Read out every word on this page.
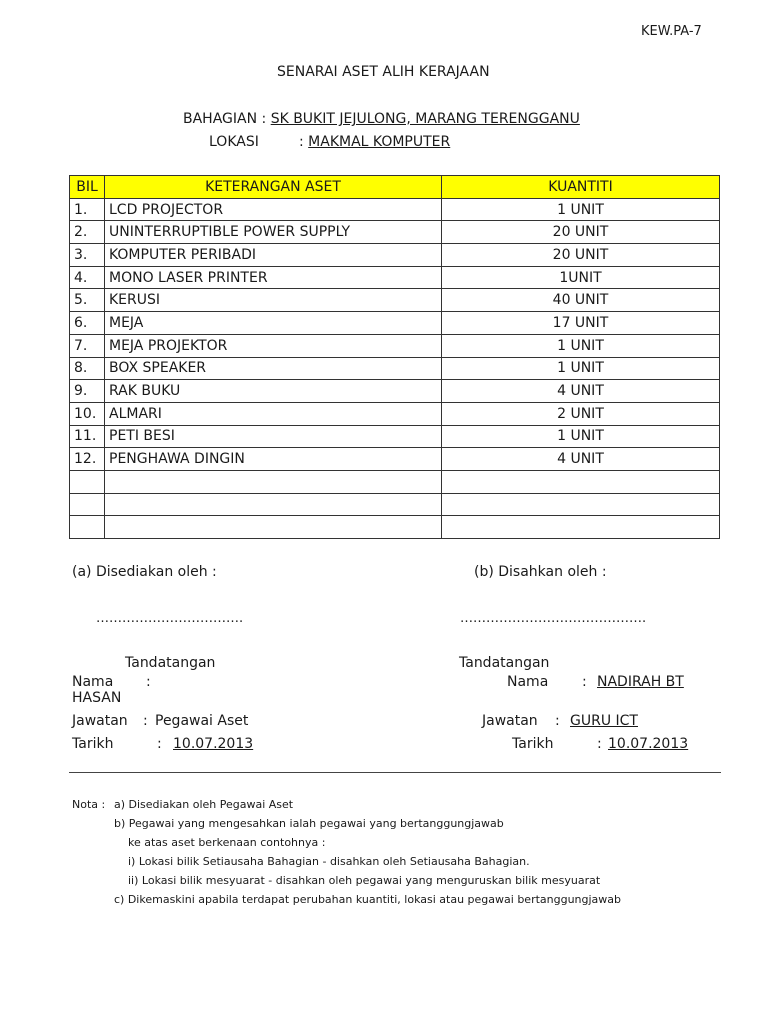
KEW.PA-7
SENARAI ASET ALIH KERAJAAN
BAHAGIAN : SK BUKIT JEJULONG, MARANG TERENGGANU
LOKASI	: MAKMAL KOMPUTER
BIL	KETERANGAN ASET	KUANTITI
1.	LCD PROJECTOR	1 UNIT
2.	UNINTERRUPTIBLE POWER SUPPLY	20 UNIT
3.	KOMPUTER PERIBADI	20 UNIT
4.	MONO LASER PRINTER	1UNIT
5.	KERUSI	40 UNIT
6.	MEJA	17 UNIT
7.	MEJA PROJEKTOR	1 UNIT
8.	BOX SPEAKER	1 UNIT
9.	RAK BUKU	4 UNIT
10.	ALMARI	2 UNIT
11.	PETI BESI	1 UNIT
12.	PENGHAWA DINGIN	4 UNIT

(a) Disediakan oleh :	(b) Disahkan oleh :
…………………………….	…………………………………….
Tandatangan	Tandatangan
Nama :
HASAN
Nama : NADIRAH BT
Jawatan : Pegawai Aset	Jawatan : GURU ICT
Tarikh	: 10.07.2013	Tarikh	: 10.07.2013
Nota : a) Disediakan oleh Pegawai Aset
b) Pegawai yang mengesahkan ialah pegawai yang bertanggungjawab
ke atas aset berkenaan contohnya :
i) Lokasi bilik Setiausaha Bahagian - disahkan oleh Setiausaha Bahagian.
ii) Lokasi bilik mesyuarat - disahkan oleh pegawai yang menguruskan bilik mesyuarat
c) Dikemaskini apabila terdapat perubahan kuantiti, lokasi atau pegawai bertanggungjawab
